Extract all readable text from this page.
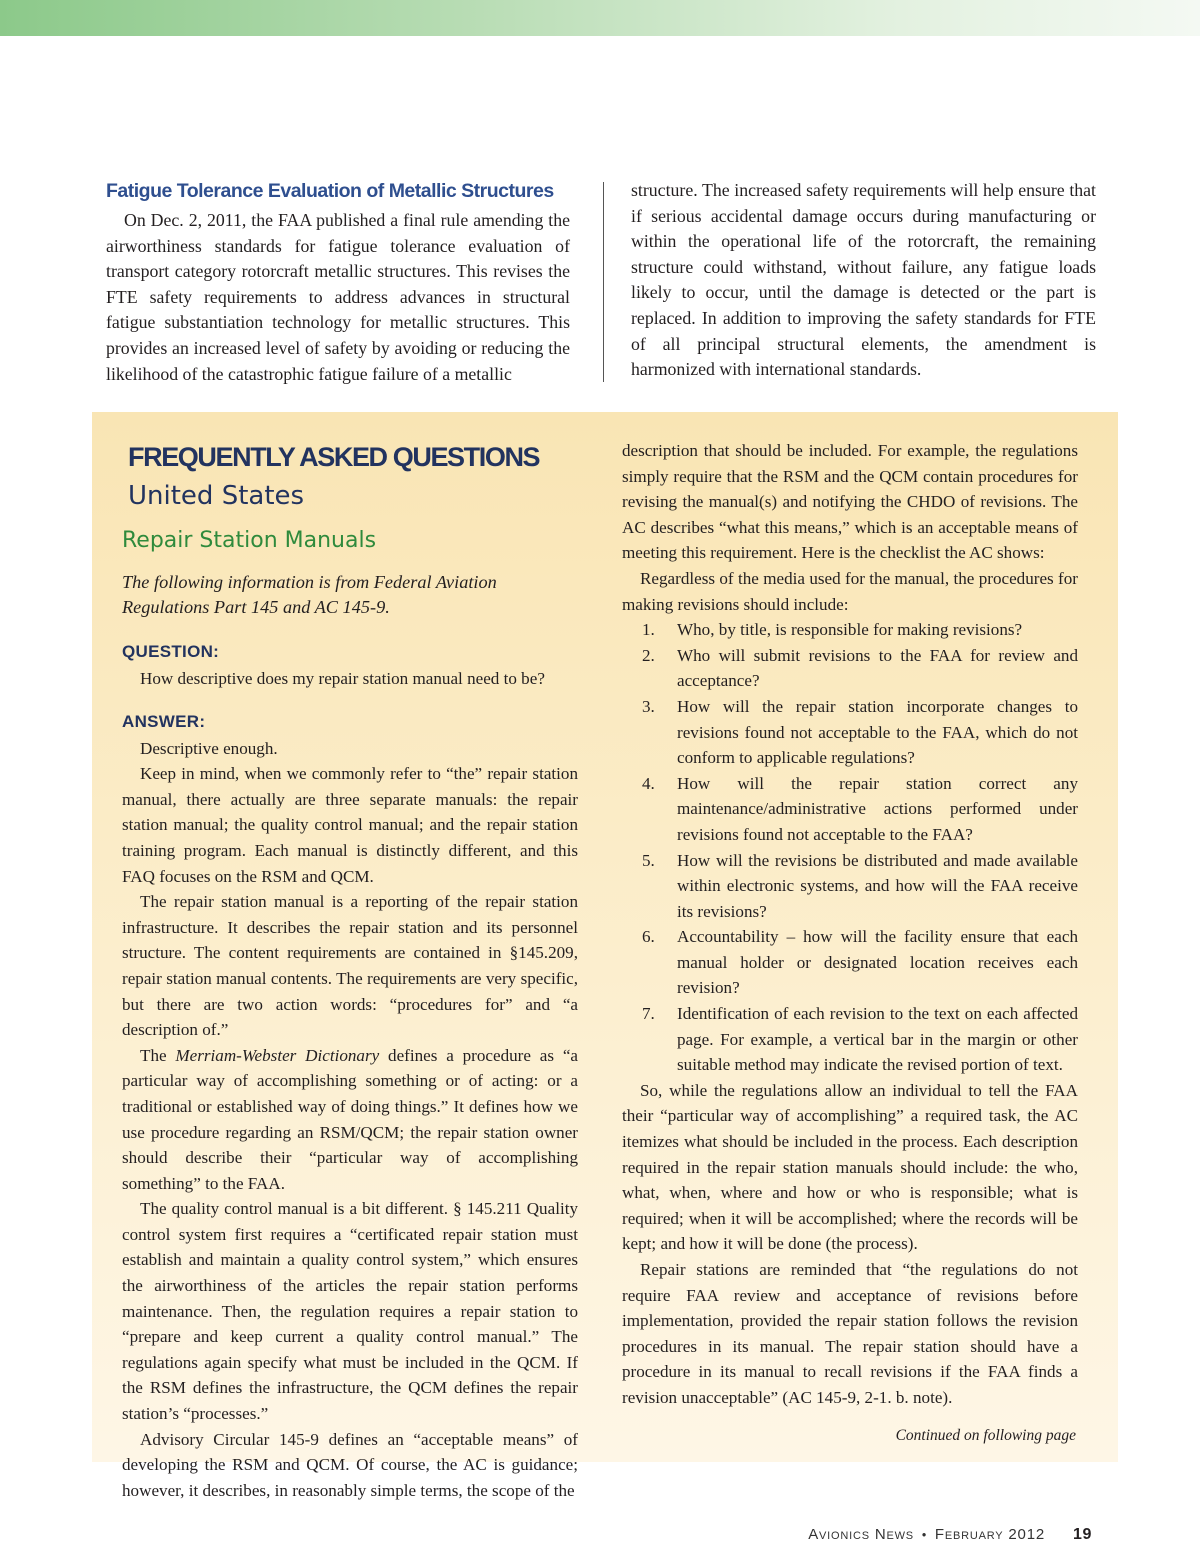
Fatigue Tolerance Evaluation of Metallic Structures

On Dec. 2, 2011, the FAA published a final rule amending the airworthiness standards for fatigue tolerance evaluation of transport category rotorcraft metallic structures. This revises the FTE safety requirements to address advances in structural fatigue substantiation technology for metallic structures. This provides an increased level of safety by avoiding or reducing the likelihood of the catastrophic fatigue failure of a metallic

structure. The increased safety requirements will help ensure that if serious accidental damage occurs during manufacturing or within the operational life of the rotorcraft, the remaining structure could withstand, without failure, any fatigue loads likely to occur, until the damage is detected or the part is replaced. In addition to improving the safety standards for FTE of all principal structural elements, the amendment is harmonized with international standards.

FREQUENTLY ASKED QUESTIONS
United States
Repair Station Manuals

The following information is from Federal Aviation Regulations Part 145 and AC 145-9.

QUESTION:

How descriptive does my repair station manual need to be?

ANSWER:

Descriptive enough.

Keep in mind, when we commonly refer to “the” repair station manual, there actually are three separate manuals: the repair station manual; the quality control manual; and the repair station training program. Each manual is distinctly different, and this FAQ focuses on the RSM and QCM.

The repair station manual is a reporting of the repair station infrastructure. It describes the repair station and its personnel structure. The content requirements are contained in §145.209, repair station manual contents. The requirements are very specific, but there are two action words: “procedures for” and “a description of.”

The Merriam-Webster Dictionary defines a procedure as “a particular way of accomplishing something or of acting: or a traditional or established way of doing things.” It defines how we use procedure regarding an RSM/QCM; the repair station owner should describe their “particular way of accomplishing something” to the FAA.

The quality control manual is a bit different. § 145.211 Quality control system first requires a “certificated repair station must establish and maintain a quality control system,” which ensures the airworthiness of the articles the repair station performs maintenance. Then, the regulation requires a repair station to “prepare and keep current a quality control manual.” The regulations again specify what must be included in the QCM. If the RSM defines the infrastructure, the QCM defines the repair station’s “processes.”

Advisory Circular 145-9 defines an “acceptable means” of developing the RSM and QCM. Of course, the AC is guidance; however, it describes, in reasonably simple terms, the scope of the

description that should be included. For example, the regulations simply require that the RSM and the QCM contain procedures for revising the manual(s) and notifying the CHDO of revisions. The AC describes “what this means,” which is an acceptable means of meeting this requirement. Here is the checklist the AC shows:

Regardless of the media used for the manual, the procedures for making revisions should include:

1. Who, by title, is responsible for making revisions?
2. Who will submit revisions to the FAA for review and acceptance?
3. How will the repair station incorporate changes to revisions found not acceptable to the FAA, which do not conform to applicable regulations?
4. How will the repair station correct any maintenance/administrative actions performed under revisions found not acceptable to the FAA?
5. How will the revisions be distributed and made available within electronic systems, and how will the FAA receive its revisions?
6. Accountability – how will the facility ensure that each manual holder or designated location receives each revision?
7. Identification of each revision to the text on each affected page. For example, a vertical bar in the margin or other suitable method may indicate the revised portion of text.

So, while the regulations allow an individual to tell the FAA their “particular way of accomplishing” a required task, the AC itemizes what should be included in the process. Each description required in the repair station manuals should include: the who, what, when, where and how or who is responsible; what is required; when it will be accomplished; where the records will be kept; and how it will be done (the process).

Repair stations are reminded that “the regulations do not require FAA review and acceptance of revisions before implementation, provided the repair station follows the revision procedures in its manual. The repair station should have a procedure in its manual to recall revisions if the FAA finds a revision unacceptable” (AC 145-9, 2-1. b. note).

Continued on following page

Avionics News • February 2012 19
